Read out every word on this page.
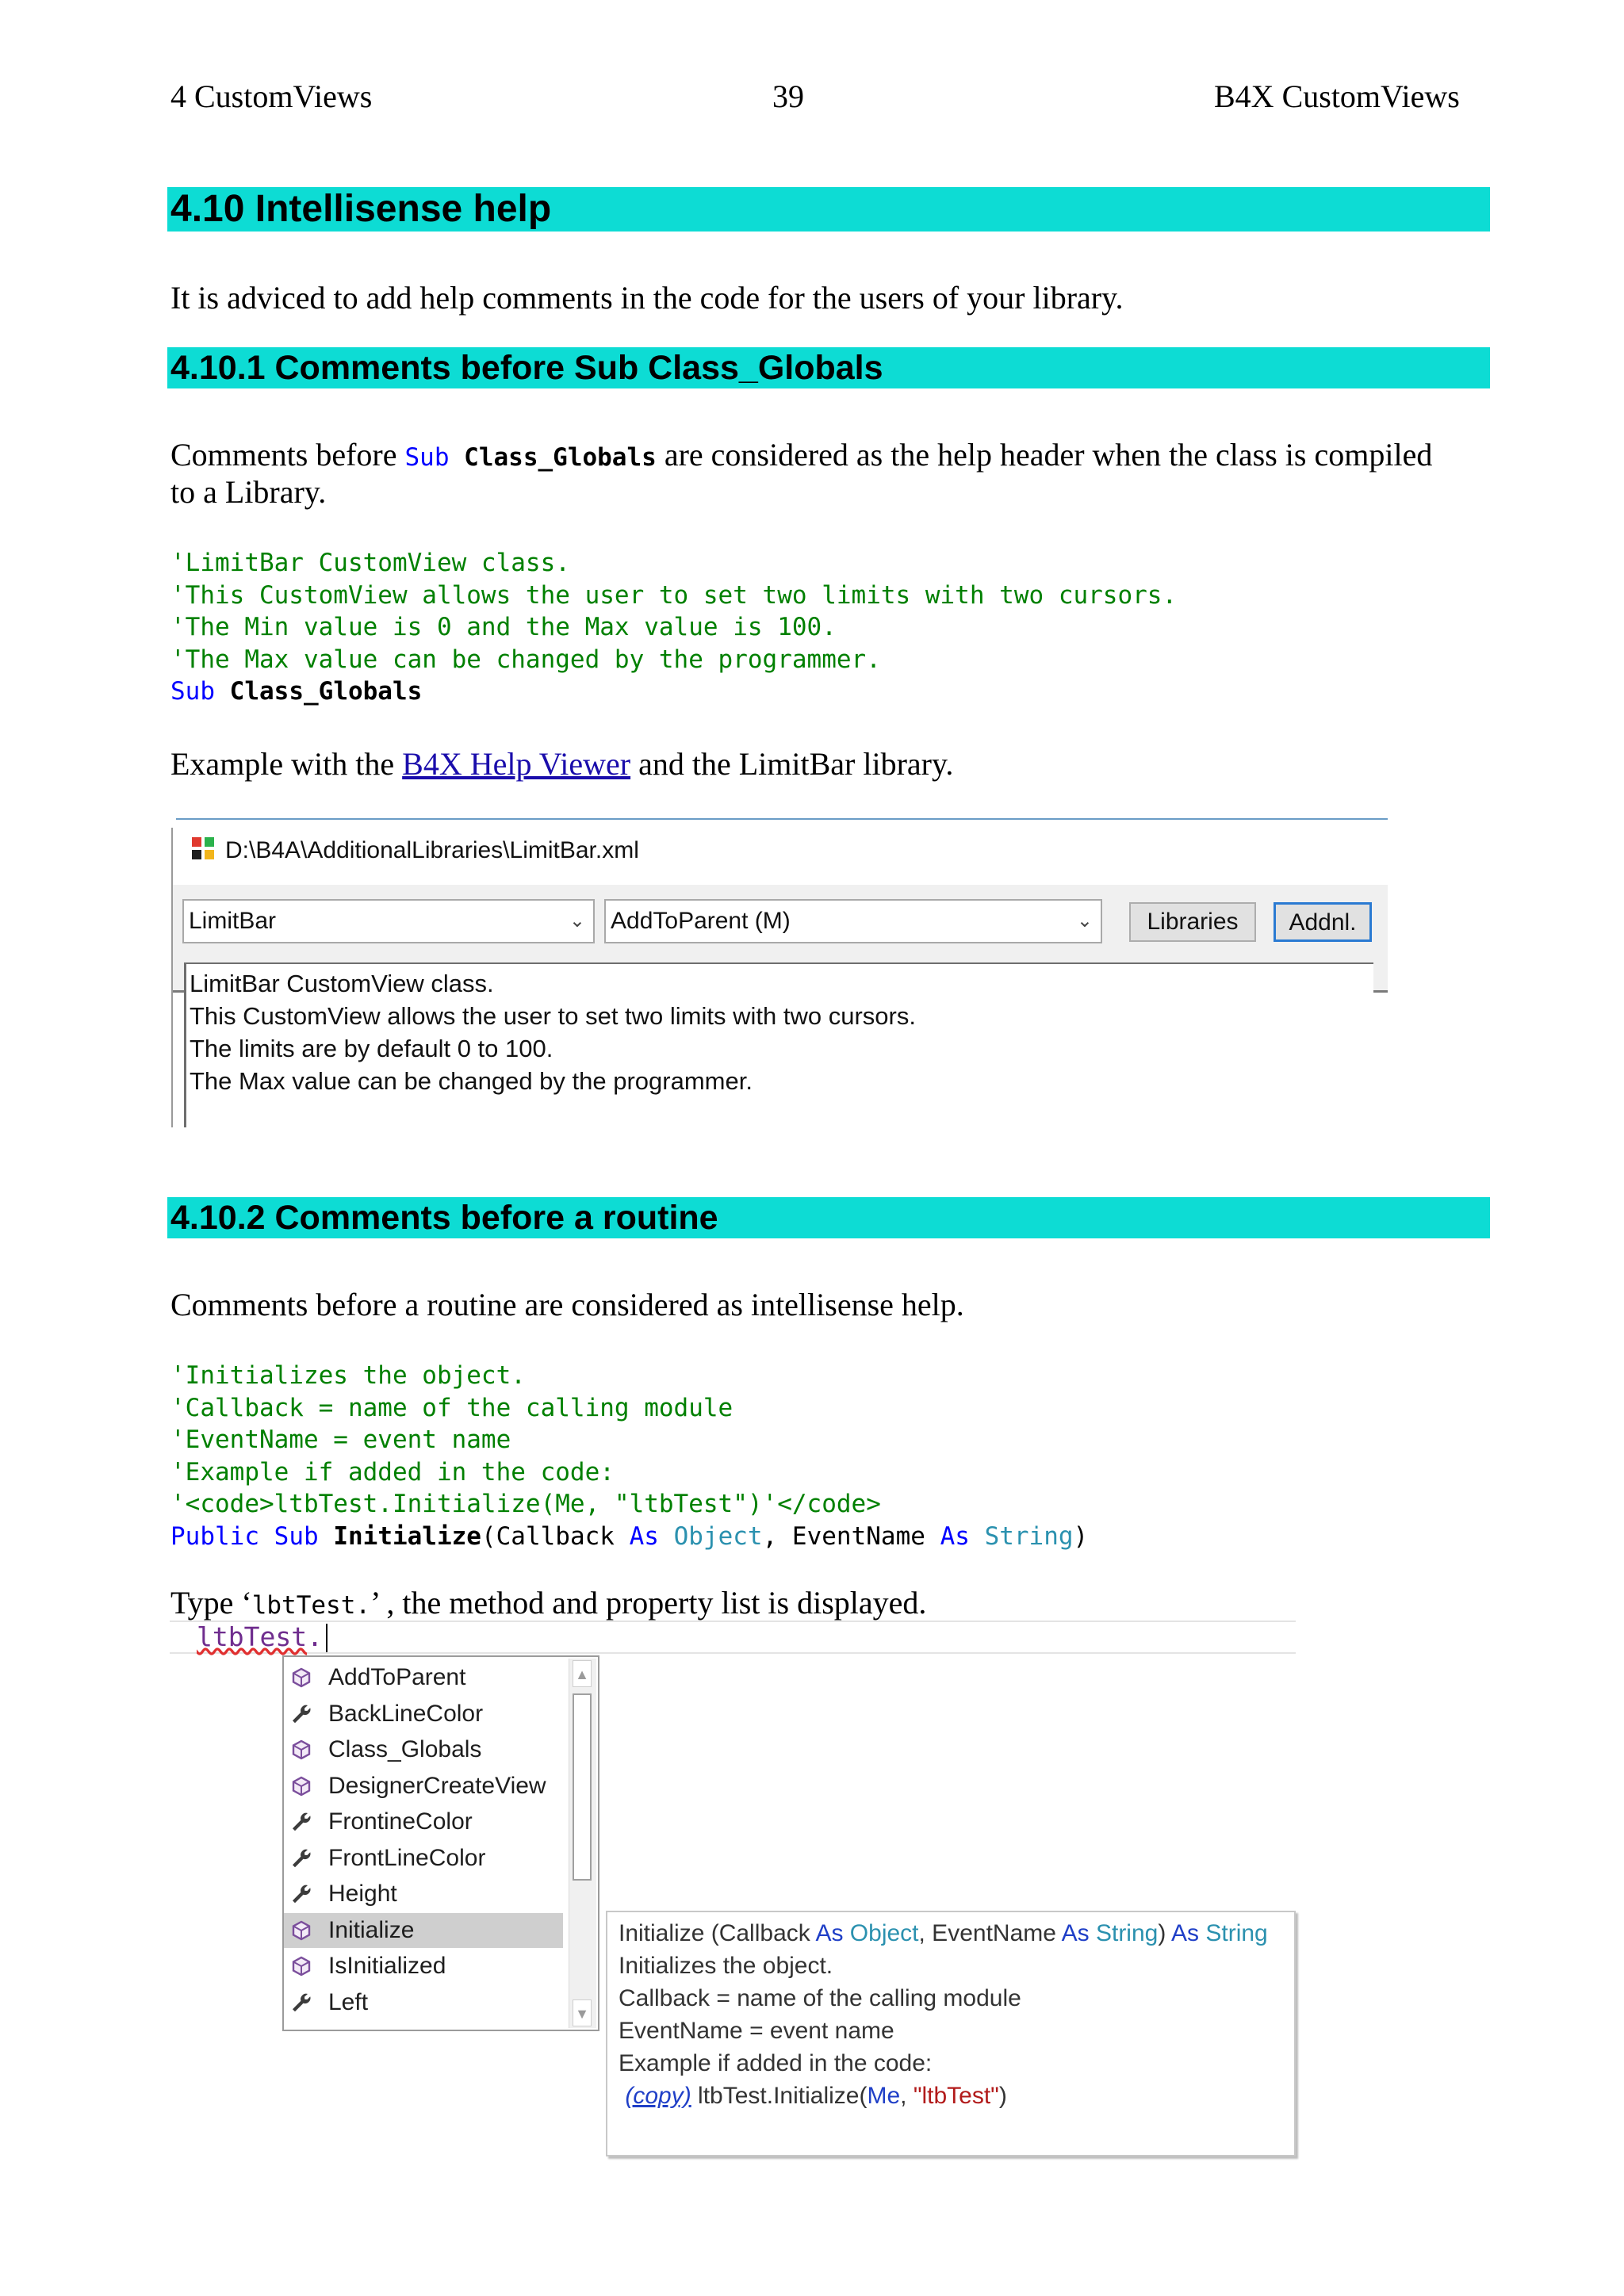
4 CustomViews	39	B4X CustomViews
4.10 Intellisense help
It is adviced to add help comments in the code for the users of your library.
4.10.1 Comments before Sub Class_Globals
Comments before Sub Class_Globals are considered as the help header when the class is compiled
to a Library.
'LimitBar CustomView class.
'This CustomView allows the user to set two limits with two cursors.
'The Min value is 0 and the Max value is 100.
'The Max value can be changed by the programmer.
Sub Class_Globals
Example with the B4X Help Viewer and the LimitBar library.
D:\B4A\AdditionalLibraries\LimitBar.xml
LimitBar	⌄ AddToParent (M)	⌄	Libraries	Addnl.
LimitBar CustomView class.
This CustomView allows the user to set two limits with two cursors.
The limits are by default 0 to 100.
The Max value can be changed by the programmer.
4.10.2 Comments before a routine
Comments before a routine are considered as intellisense help.
'Initializes the object.
'Callback = name of the calling module
'EventName = event name
'Example if added in the code:
'<code>ltbTest.Initialize(Me, "ltbTest")'</code>
Public Sub Initialize(Callback As Object, EventName As String)
Type ‘lbtTest.’ , the method and property list is displayed.
ltbTest.
AddToParent
BackLineColor
Class_Globals
DesignerCreateView
FrontineColor
FrontLineColor
Height
Initialize
IsInitialized
Left
▲
▼
Initialize (Callback As Object, EventName As String) As String
Initializes the object.
Callback = name of the calling module
EventName = event name
Example if added in the code:
(copy) ltbTest.Initialize(Me, "ltbTest")
